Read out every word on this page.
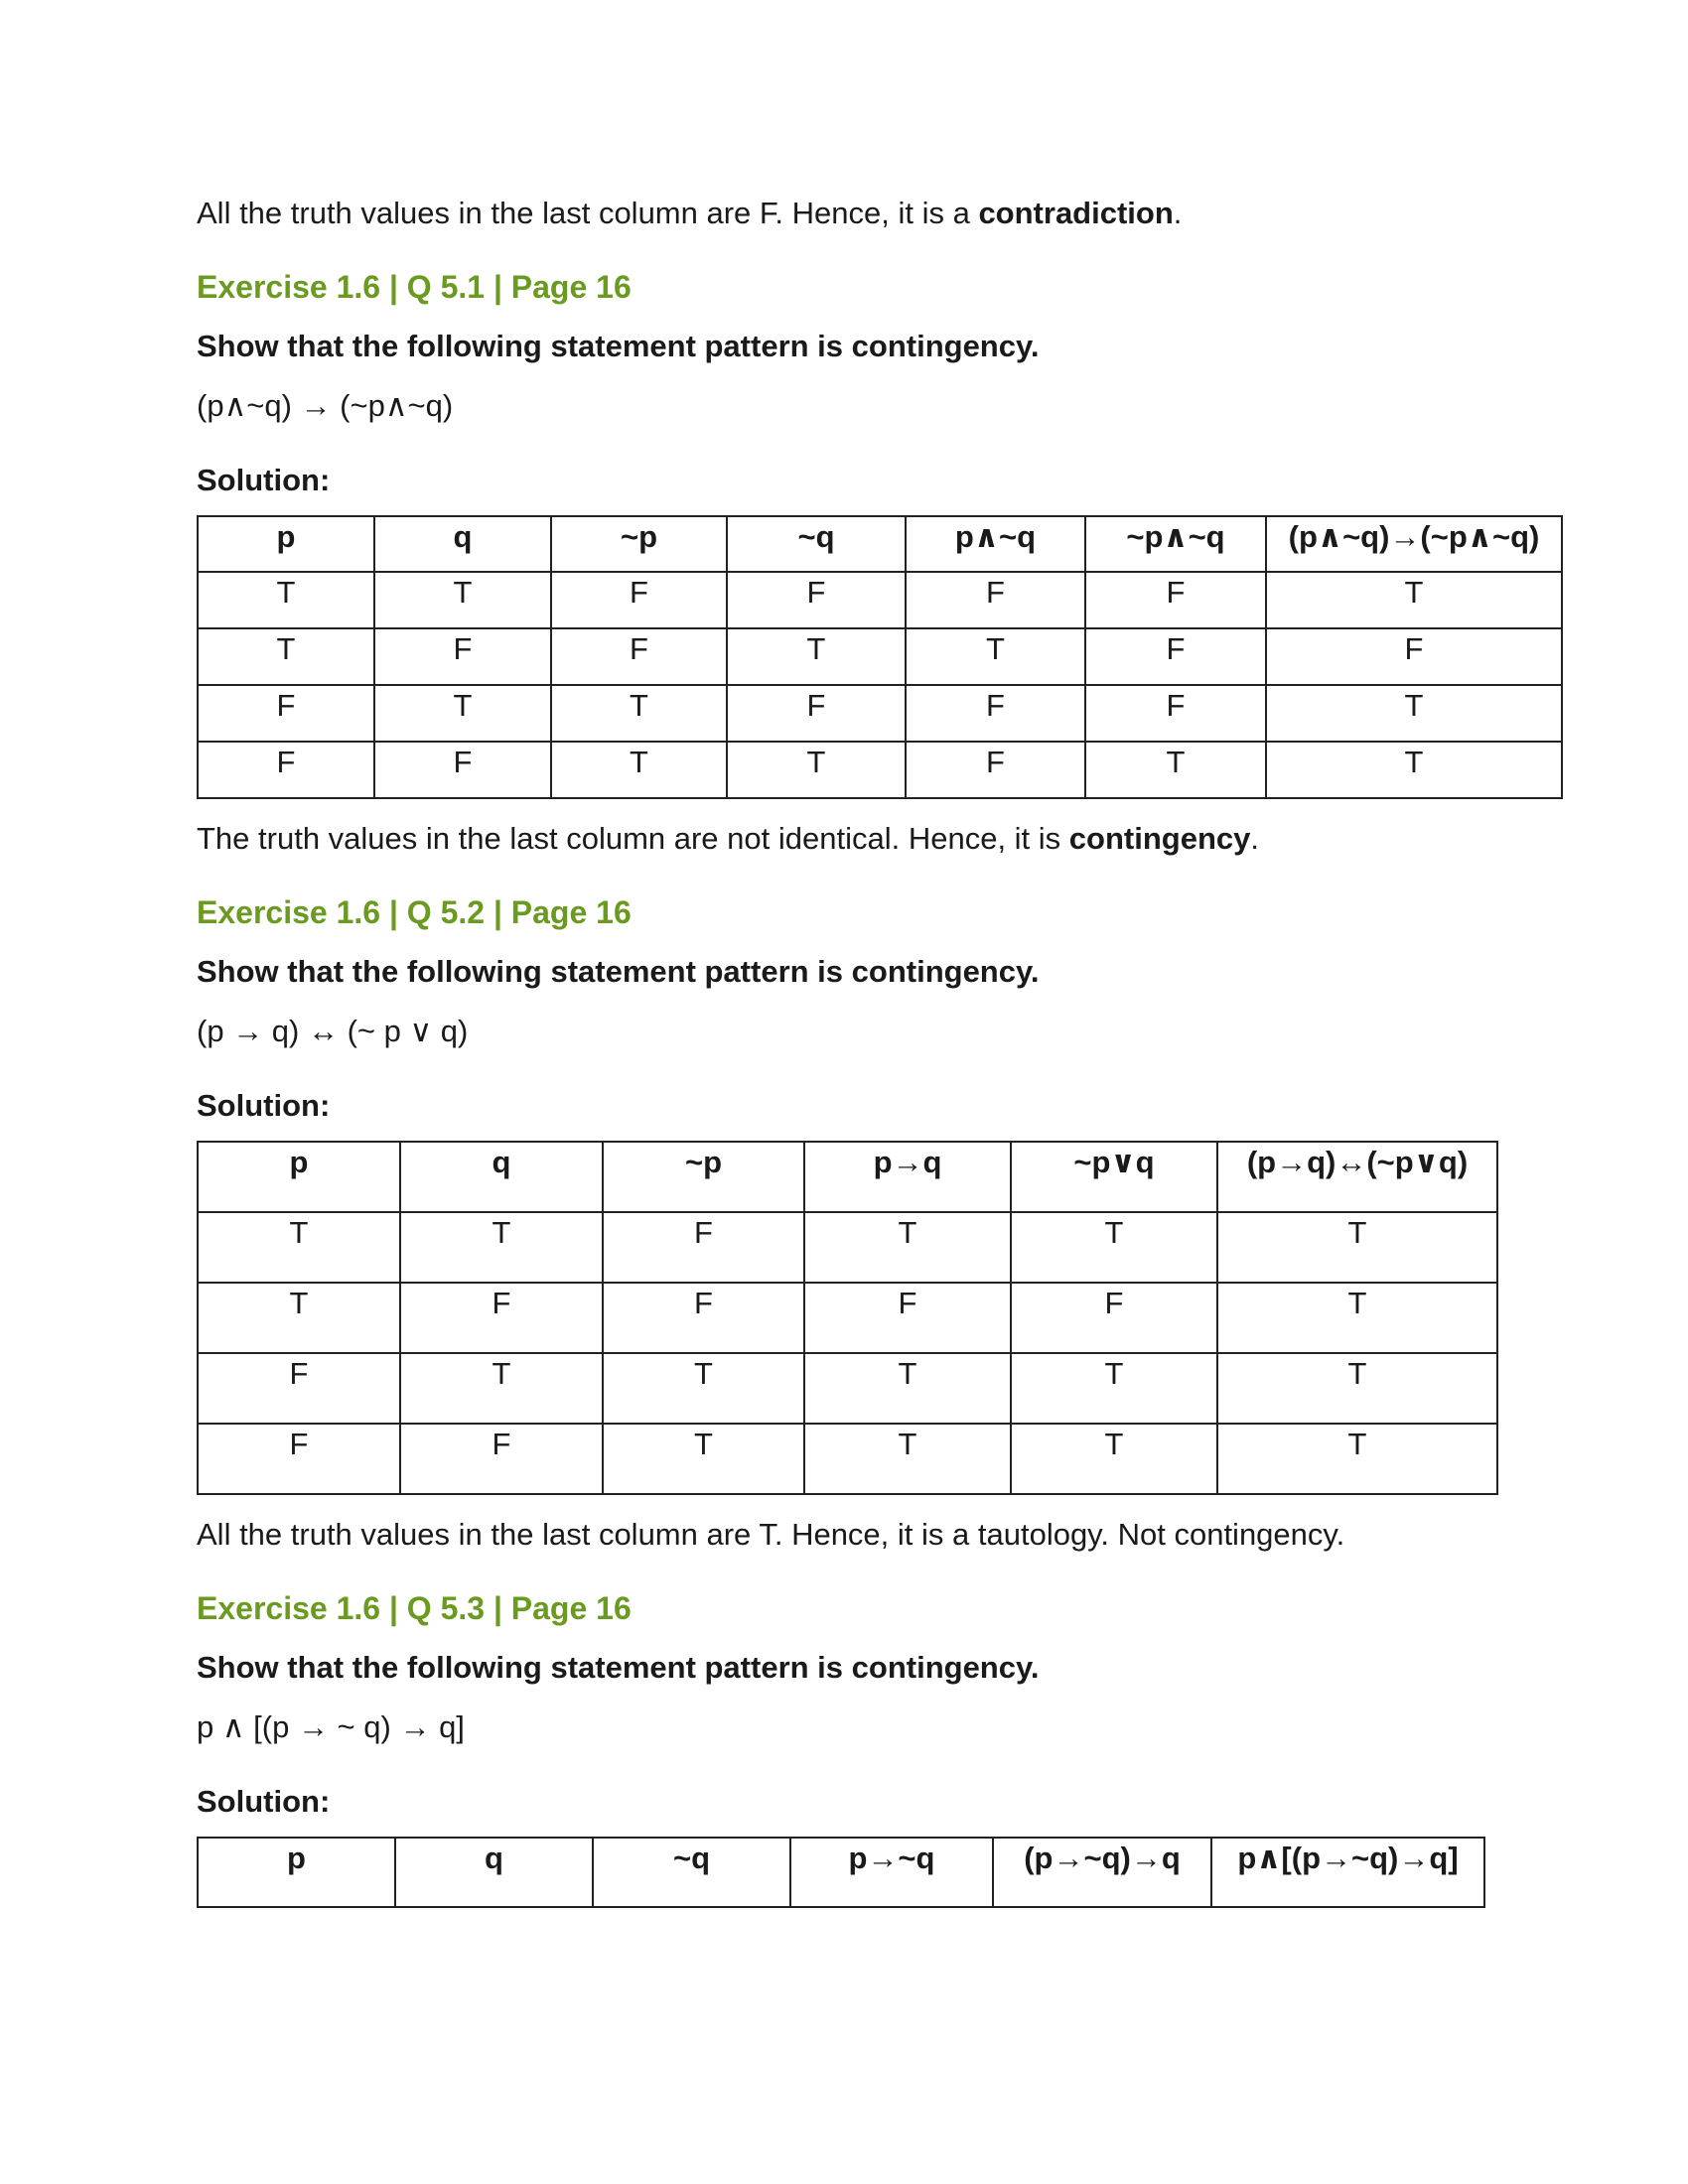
All the truth values in the last column are F. Hence, it is a contradiction.

Exercise 1.6 | Q 5.1 | Page 16

Show that the following statement pattern is contingency.

(p∧~q) → (~p∧~q)

Solution:

p	q	~p	~q	p∧~q	~p∧~q	(p∧~q)→(~p∧~q)
T	T	F	F	F	F	T
T	F	F	T	T	F	F
F	T	T	F	F	F	T
F	F	T	T	F	T	T

The truth values in the last column are not identical. Hence, it is contingency.

Exercise 1.6 | Q 5.2 | Page 16

Show that the following statement pattern is contingency.

(p → q) ↔ (~ p ∨ q)

Solution:

p	q	~p	p→q	~p∨q	(p→q)↔(~p∨q)
T	T	F	T	T	T
T	F	F	F	F	T
F	T	T	T	T	T
F	F	T	T	T	T

All the truth values in the last column are T. Hence, it is a tautology. Not contingency.

Exercise 1.6 | Q 5.3 | Page 16

Show that the following statement pattern is contingency.

p ∧ [(p → ~ q) → q]

Solution:

p	q	~q	p→~q	(p→~q)→q	p∧[(p→~q)→q]
